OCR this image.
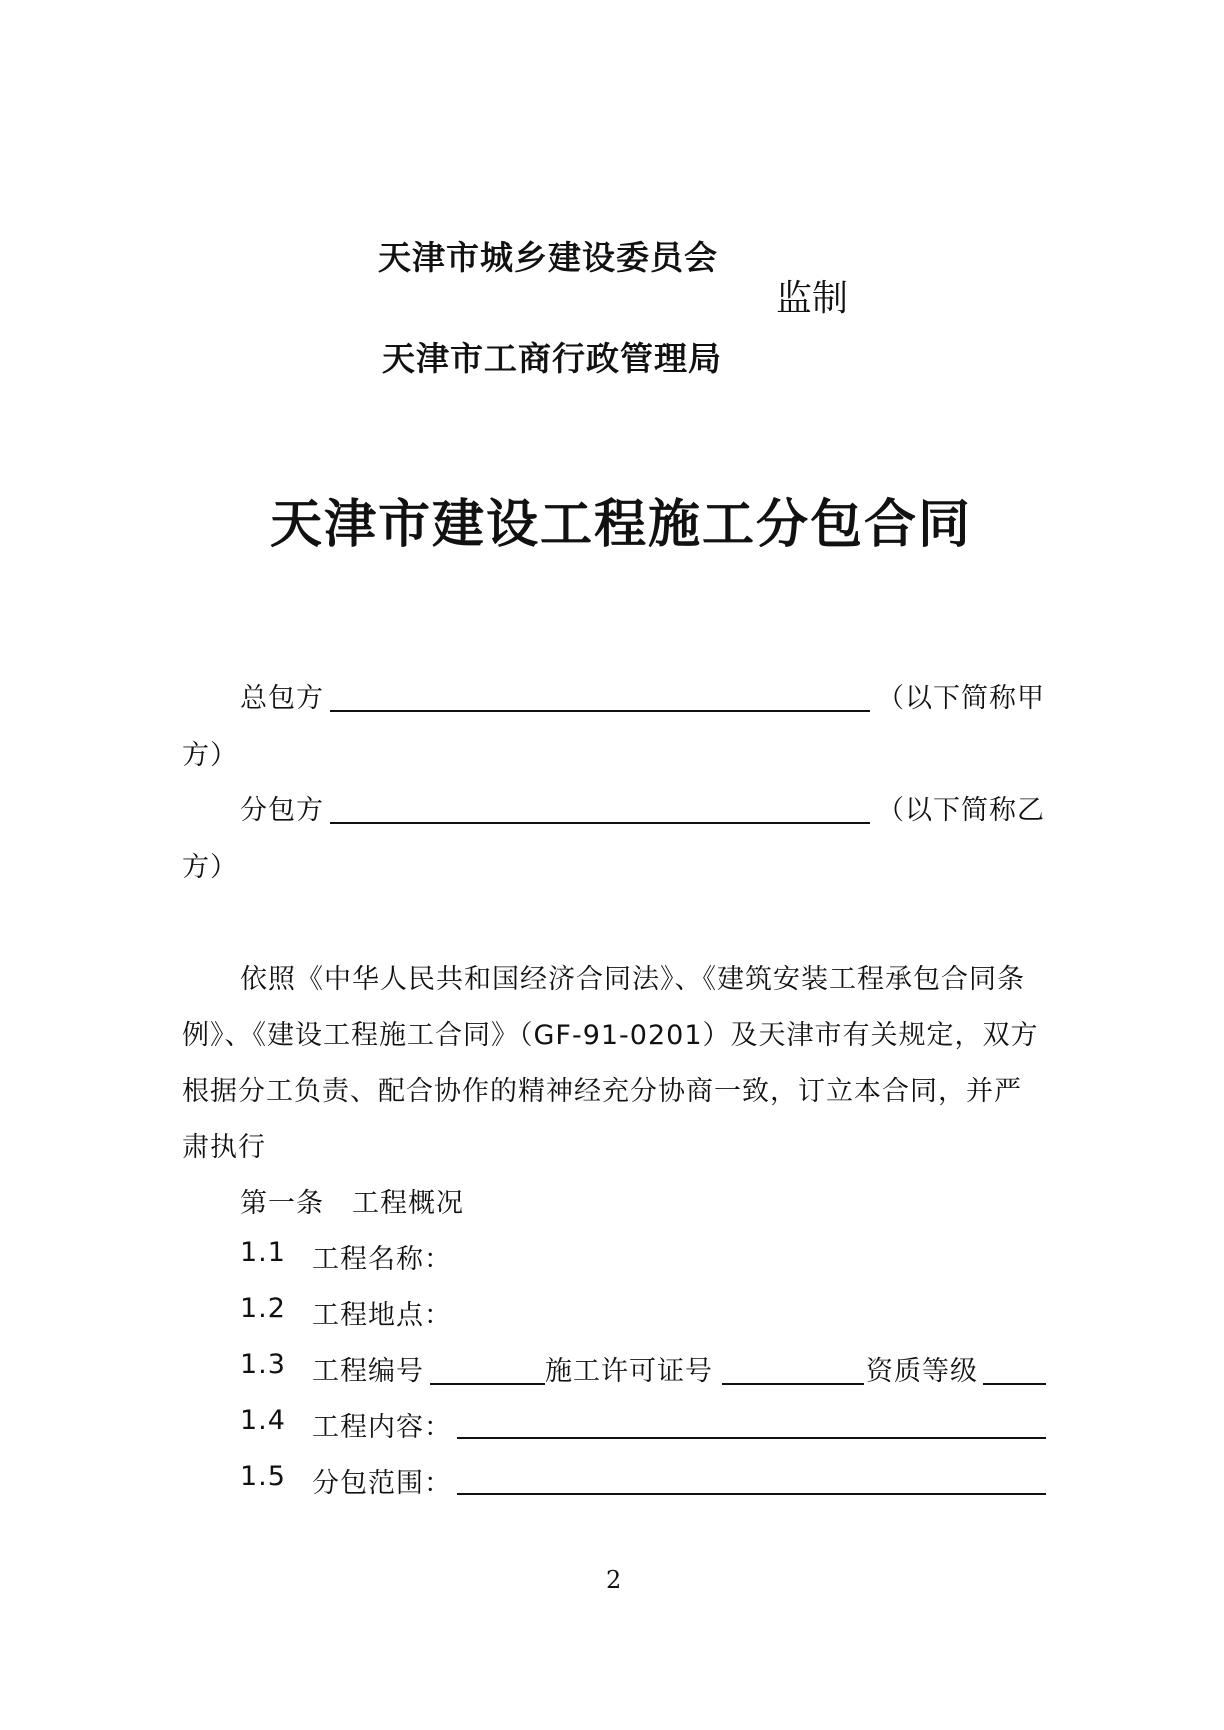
天津市城乡建设委员会
监制
天津市工商行政管理局
天津市建设工程施工分包合同
总包方	（以下简称甲
方）
分包方	（以下简称乙
方）
依照《中华人民共和国经济合同法》、《建筑安装工程承包合同条
例》、《建设工程施工合同》（GF-91-0201）及天津市有关规定，双方
根据分工负责、配合协作的精神经充分协商一致，订立本合同，并严
肃执行
第一条　工程概况
1.1 工程名称：
1.2 工程地点：
1.3 工程编号	施工许可证号	资质等级
1.4 工程内容：
1.5 分包范围：
2
